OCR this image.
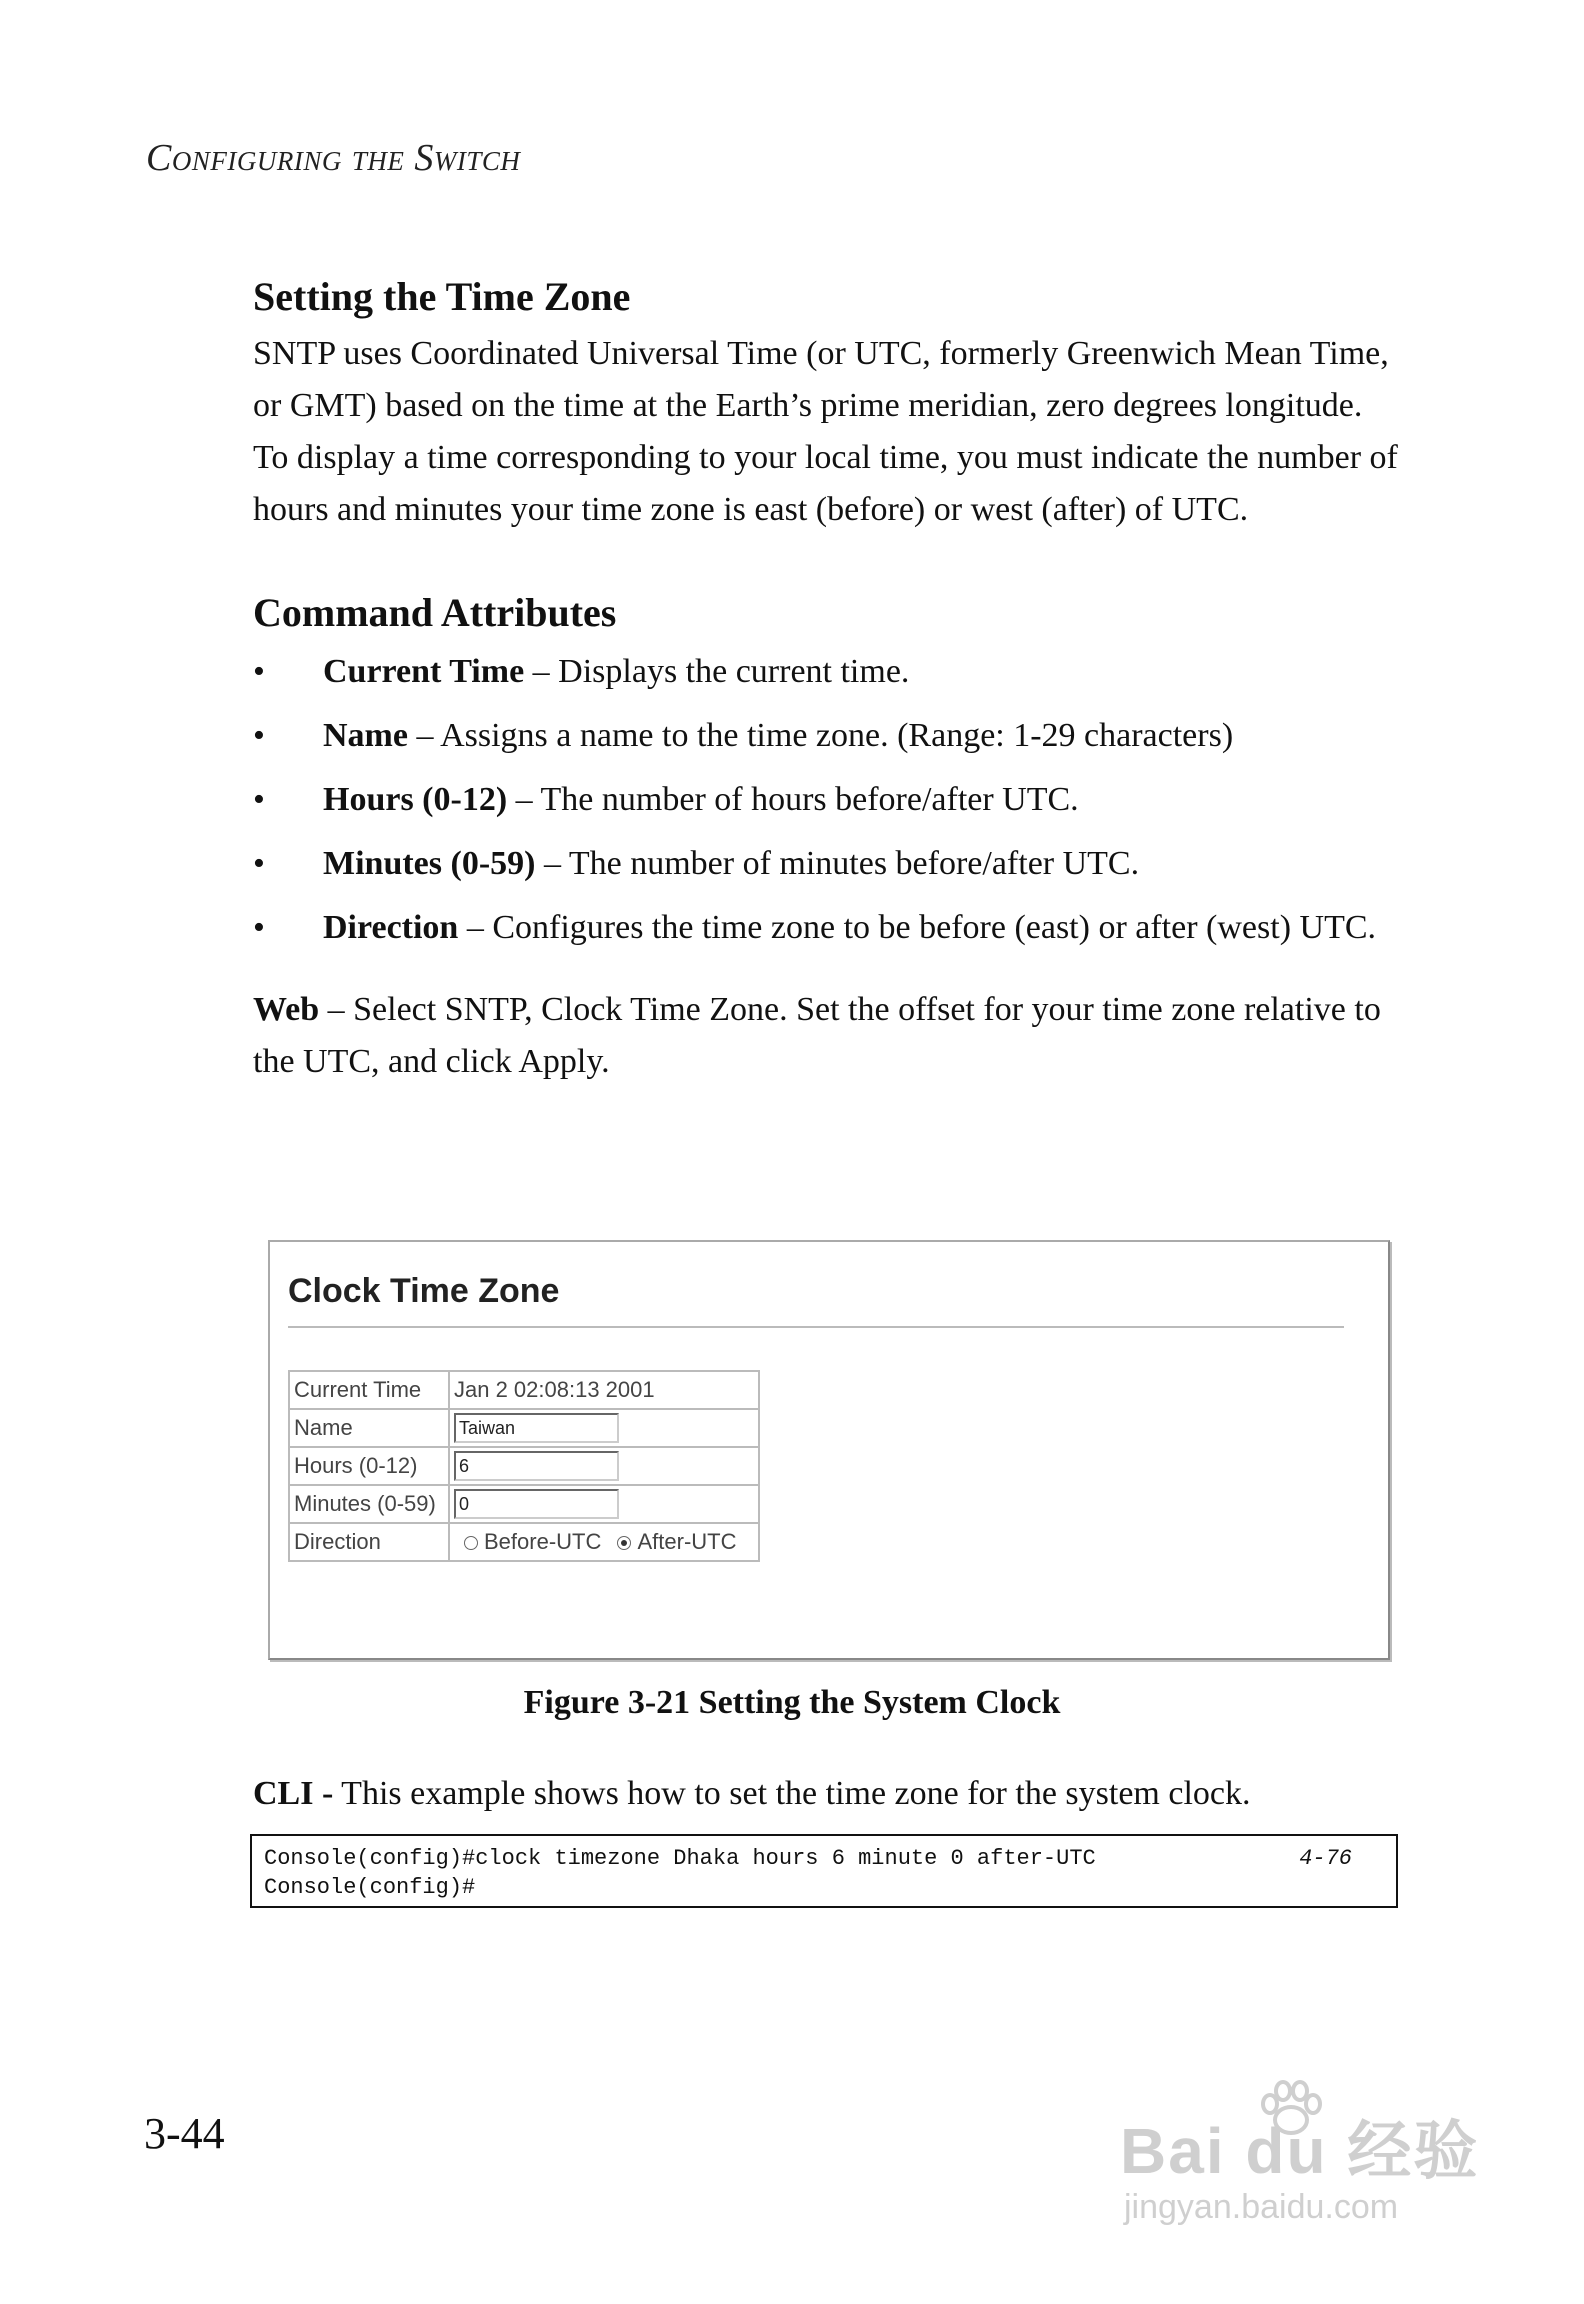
Configuring the Switch
Setting the Time Zone

SNTP uses Coordinated Universal Time (or UTC, formerly Greenwich Mean Time, or GMT) based on the time at the Earth’s prime meridian, zero degrees longitude. To display a time corresponding to your local time, you must indicate the number of hours and minutes your time zone is east (before) or west (after) of UTC.

Command Attributes
• Current Time – Displays the current time.
• Name – Assigns a name to the time zone. (Range: 1-29 characters)
• Hours (0-12) – The number of hours before/after UTC.
• Minutes (0-59) – The number of minutes before/after UTC.
• Direction – Configures the time zone to be before (east) or after (west) UTC.

Web – Select SNTP, Clock Time Zone. Set the offset for your time zone relative to the UTC, and click Apply.

Clock Time Zone
Current Time	Jan 2 02:08:13 2001
Name	Taiwan
Hours (0-12)	6
Minutes (0-59)	0
Direction	Before-UTC After-UTC
Figure 3-21 Setting the System Clock
CLI - This example shows how to set the time zone for the system clock.
Console(config)#clock timezone Dhaka hours 6 minute 0 after-UTC
Console(config)#
4-76
3-44	Bai du 经验
jingyan.baidu.com
